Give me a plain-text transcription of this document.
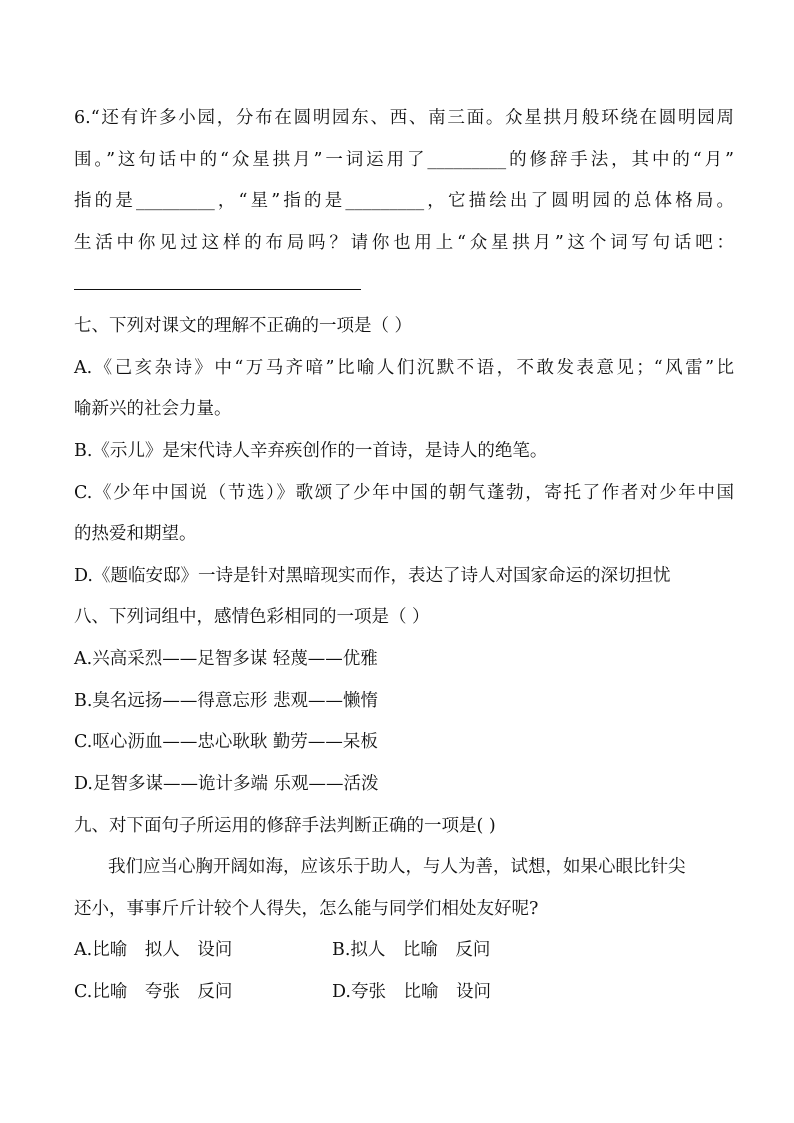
6.“还有许多小园，分布在圆明园东、西、南三面。众星拱月般环绕在圆明园周
围。”这句话中的“众星拱月”一词运用了_________的修辞手法，其中的“月”
指的是_________，“星”指的是_________，它描绘出了圆明园的总体格局。
生活中你见过这样的布局吗？请你也用上“众星拱月”这个词写句话吧：
七、下列对课文的理解不正确的一项是（ ）
A.《己亥杂诗》中“万马齐喑”比喻人们沉默不语，不敢发表意见；“风雷”比
喻新兴的社会力量。
B.《示儿》是宋代诗人辛弃疾创作的一首诗，是诗人的绝笔。
C.《少年中国说（节选）》歌颂了少年中国的朝气蓬勃，寄托了作者对少年中国
的热爱和期望。
D.《题临安邸》一诗是针对黑暗现实而作，表达了诗人对国家命运的深切担忧
八、下列词组中，感情色彩相同的一项是（ ）
A.兴高采烈——足智多谋 轻蔑——优雅
B.臭名远扬——得意忘形 悲观——懒惰
C.呕心沥血——忠心耿耿 勤劳——呆板
D.足智多谋——诡计多端 乐观——活泼
九、对下面句子所运用的修辞手法判断正确的一项是( )
我们应当心胸开阔如海，应该乐于助人，与人为善，试想，如果心眼比针尖
还小，事事斤斤计较个人得失，怎么能与同学们相处友好呢?
A.比喻　拟人　设问	B.拟人　比喻　反问
C.比喻　夸张　反问	D.夸张　比喻　设问
